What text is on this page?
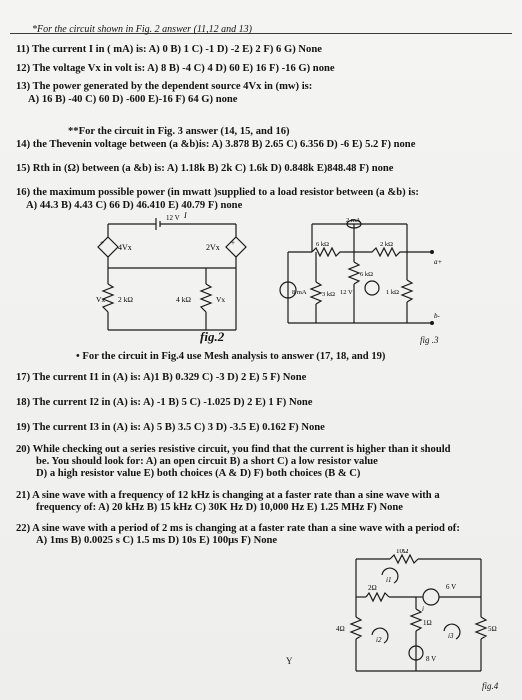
*For the circuit shown in Fig. 2 answer (11,12 and 13)
11) The current I in ( mA) is: A) 0 B) 1 C) -1 D) -2 E) 2 F) 6 G) None
12) The voltage Vx in volt is: A) 8 B) -4 C) 4 D) 60 E) 16 F) -16 G) none
13) The power generated by the dependent source 4Vx in (mw) is:
A) 16 B) -40 C) 60 D) -600 E)-16 F) 64 G) none
**For the circuit in Fig. 3 answer (14, 15, and 16)
14) the Thevenin voltage between (a &b)is: A) 3.878 B) 2.65 C) 6.356 D) -6 E) 5.2 F) none
15) Rth in (Ω) between (a &b) is: A) 1.18k B) 2k C) 1.6k D) 0.848k E)848.48 F) none
16) the maximum possible power (in mwatt )supplied to a load resistor between (a &b) is:
A) 44.3 B) 4.43 C) 66 D) 46.410 E) 40.79 F) none
+	+
4Vx	2Vx
12 V
2 kΩ	4 kΩ
Vx	Vx
I
fig.2
2 mA
6 kΩ	2 kΩ
6 kΩ
8 mA 3 kΩ 12 V	1 kΩ
a+
b-
fig .3
• For the circuit in Fig.4 use Mesh analysis to answer (17, 18, and 19)
17) The current I1 in (A) is: A)1 B) 0.329 C) -3 D) 2 E) 5 F) None
18) The current I2 in (A) is: A) -1 B) 5 C) -1.025 D) 2 E) 1 F) None
19) The current I3 in (A) is: A) 5 B) 3.5 C) 3 D) -3.5 E) 0.162 F) None
20) While checking out a series resistive circuit, you find that the current is higher than it should
be. You should look for: A) an open circuit B) a short C) a low resistor value
D) a high resistor value E) both choices (A & D) F) both choices (B & C)
21) A sine wave with a frequency of 12 kHz is changing at a faster rate than a sine wave with a
frequency of: A) 20 kHz B) 15 kHz C) 30K Hz D) 10,000 Hz E) 1.25 MHz F) None
22) A sine wave with a period of 2 ms is changing at a faster rate than a sine wave with a period of:
A) 1ms B) 0.0025 s C) 1.5 ms D) 10s E) 100μs F) None
10Ω
2Ω	6 V
i1
i
1Ω
4Ω
i2	i3
5Ω
8 V
fig.4
Y
